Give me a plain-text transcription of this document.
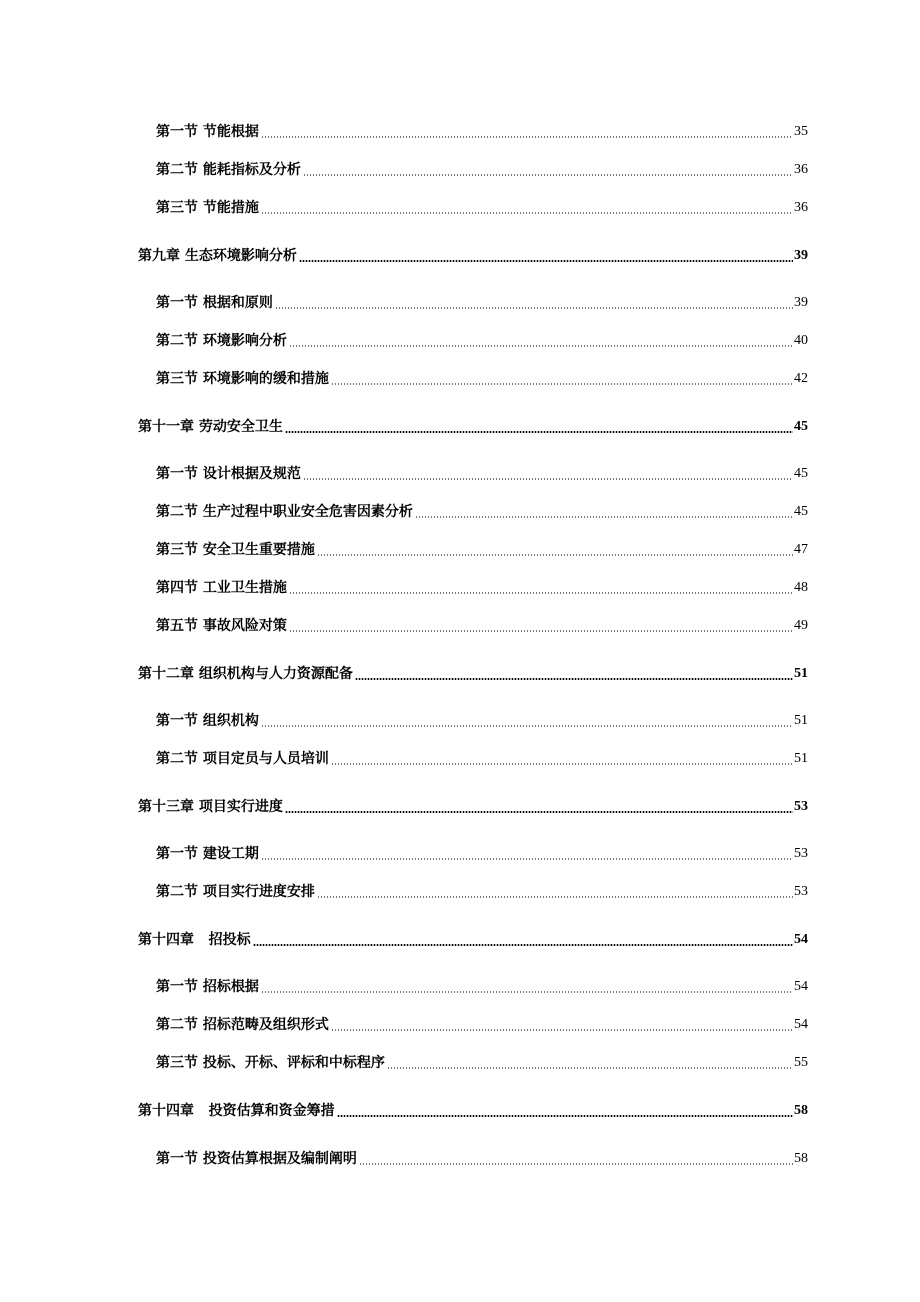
第一节 节能根据	35
第二节 能耗指标及分析	36
第三节 节能措施	36
第九章 生态环境影响分析	39
第一节 根据和原则	39
第二节 环境影响分析	40
第三节 环境影响的缓和措施	42
第十一章 劳动安全卫生	45
第一节 设计根据及规范	45
第二节 生产过程中职业安全危害因素分析	45
第三节 安全卫生重要措施	47
第四节 工业卫生措施	48
第五节 事故风险对策	49
第十二章 组织机构与人力资源配备	51
第一节 组织机构	51
第二节 项目定员与人员培训	51
第十三章 项目实行进度	53
第一节 建设工期	53
第二节 项目实行进度安排	53
第十四章   招投标	54
第一节 招标根据	54
第二节 招标范畴及组织形式	54
第三节 投标、开标、评标和中标程序	55
第十四章   投资估算和资金筹措	58
第一节 投资估算根据及编制阐明	58
